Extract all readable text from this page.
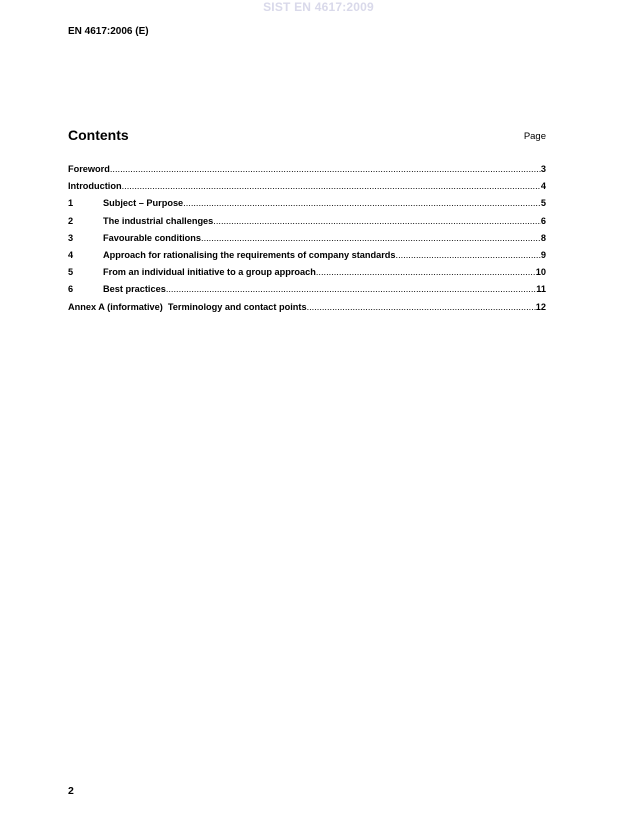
SIST EN 4617:2009
EN 4617:2006 (E)
Contents	Page
Foreword .....	3
Introduction .....	4
1	Subject – Purpose .....	5
2	The industrial challenges .....	6
3	Favourable conditions .....	8
4	Approach for rationalising the requirements of company standards .....	9
5	From an individual initiative to a group approach .....	10
6	Best practices .....	11
Annex A (informative)  Terminology and contact points .....	12
2
